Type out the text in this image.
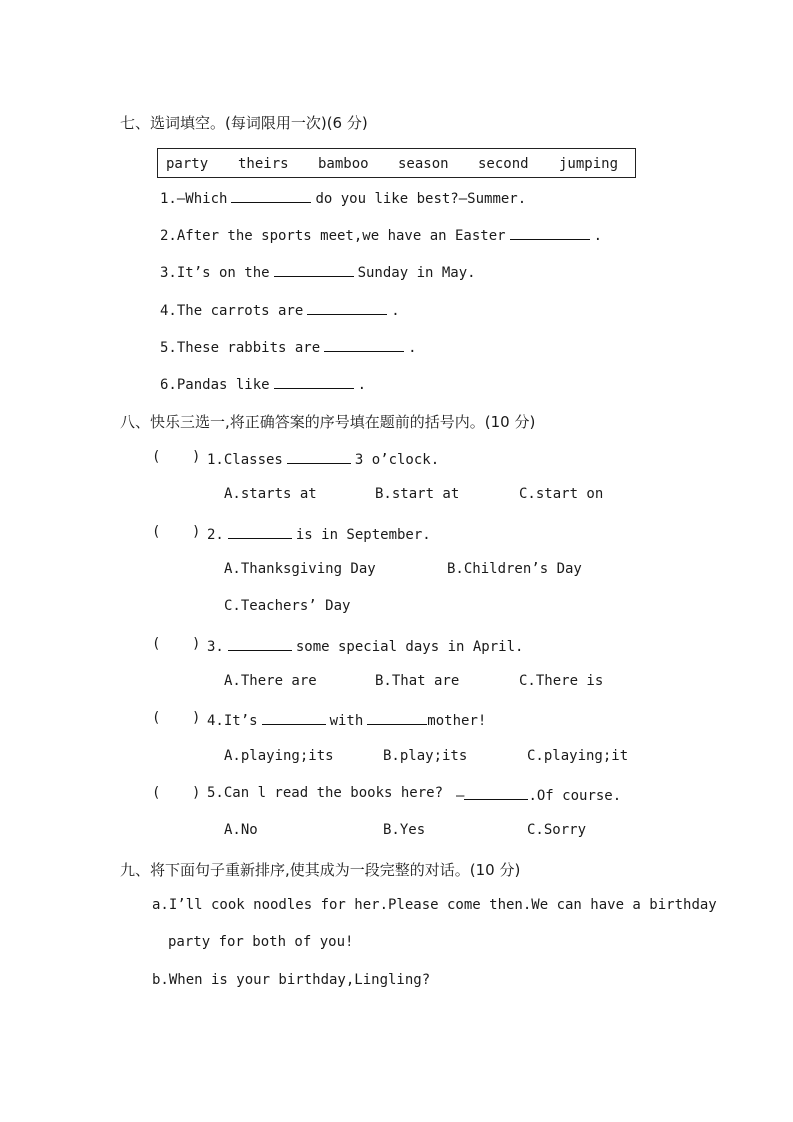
七、选词填空。(每词限用一次)(6 分)
party theirs bamboo season second jumping
1.—Which	do you like best?—Summer.
2.After the sports meet,we have an Easter	.
3.It’s on the	Sunday in May.
4.The carrots are	.
5.These rabbits are	.
6.Pandas like	.
八、快乐三选一,将正确答案的序号填在题前的括号内。(10 分)
( ) 1.Classes	3 o’clock.
A.starts at	B.start at	C.start on
( ) 2.	is in September.
A.Thanksgiving Day	B.Children’s Day
C.Teachers’ Day
( ) 3.	some special days in April.
A.There are	B.That are	C.There is
( ) 4.It’s	with	mother!
A.playing;its	B.play;its	C.playing;it
( ) 5.Can l read the books here? —	.Of course.
A.No	B.Yes	C.Sorry
九、将下面句子重新排序,使其成为一段完整的对话。(10 分)
a.I’ll cook noodles for her.Please come then.We can have a birthday
party for both of you!
b.When is your birthday,Lingling?
